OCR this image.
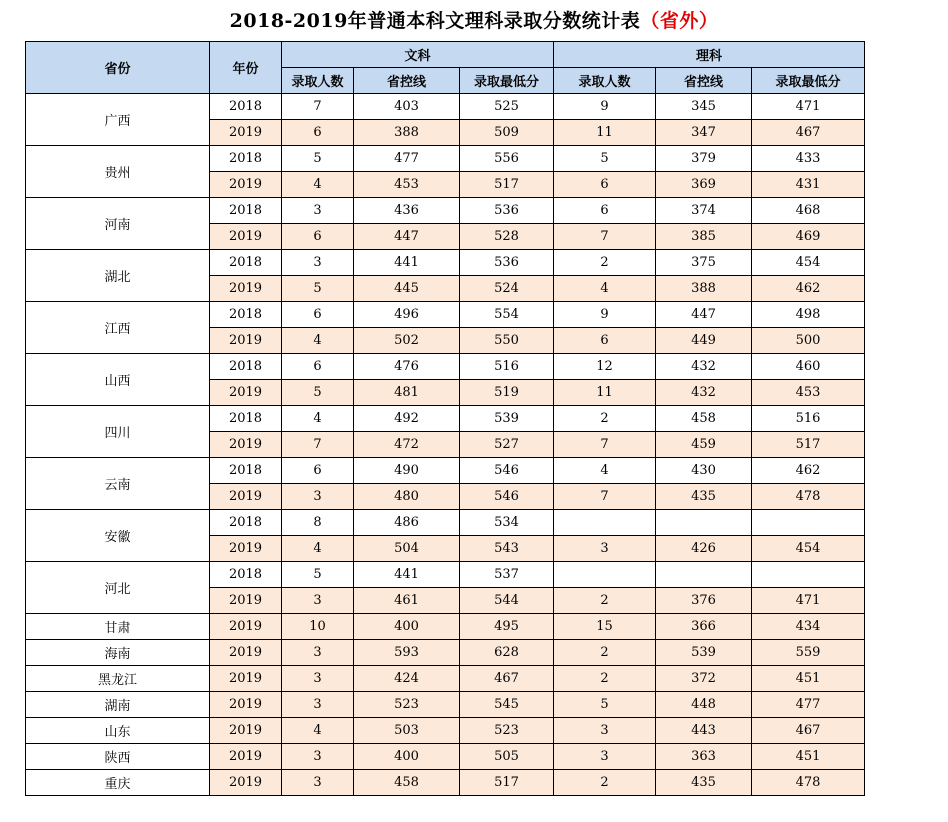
2018-2019年普通本科文理科录取分数统计表（省外）
省份	年份	文科			理科		
		录取人数	省控线	录取最低分	录取人数	省控线	录取最低分
广西	2018	7	403	525	9	345	471
	2019	6	388	509	11	347	467
贵州	2018	5	477	556	5	379	433
	2019	4	453	517	6	369	431
河南	2018	3	436	536	6	374	468
	2019	6	447	528	7	385	469
湖北	2018	3	441	536	2	375	454
	2019	5	445	524	4	388	462
江西	2018	6	496	554	9	447	498
	2019	4	502	550	6	449	500
山西	2018	6	476	516	12	432	460
	2019	5	481	519	11	432	453
四川	2018	4	492	539	2	458	516
	2019	7	472	527	7	459	517
云南	2018	6	490	546	4	430	462
	2019	3	480	546	7	435	478
安徽	2018	8	486	534			
	2019	4	504	543	3	426	454
河北	2018	5	441	537			
	2019	3	461	544	2	376	471
甘肃	2019	10	400	495	15	366	434
海南	2019	3	593	628	2	539	559
黑龙江	2019	3	424	467	2	372	451
湖南	2019	3	523	545	5	448	477
山东	2019	4	503	523	3	443	467
陕西	2019	3	400	505	3	363	451
重庆	2019	3	458	517	2	435	478
